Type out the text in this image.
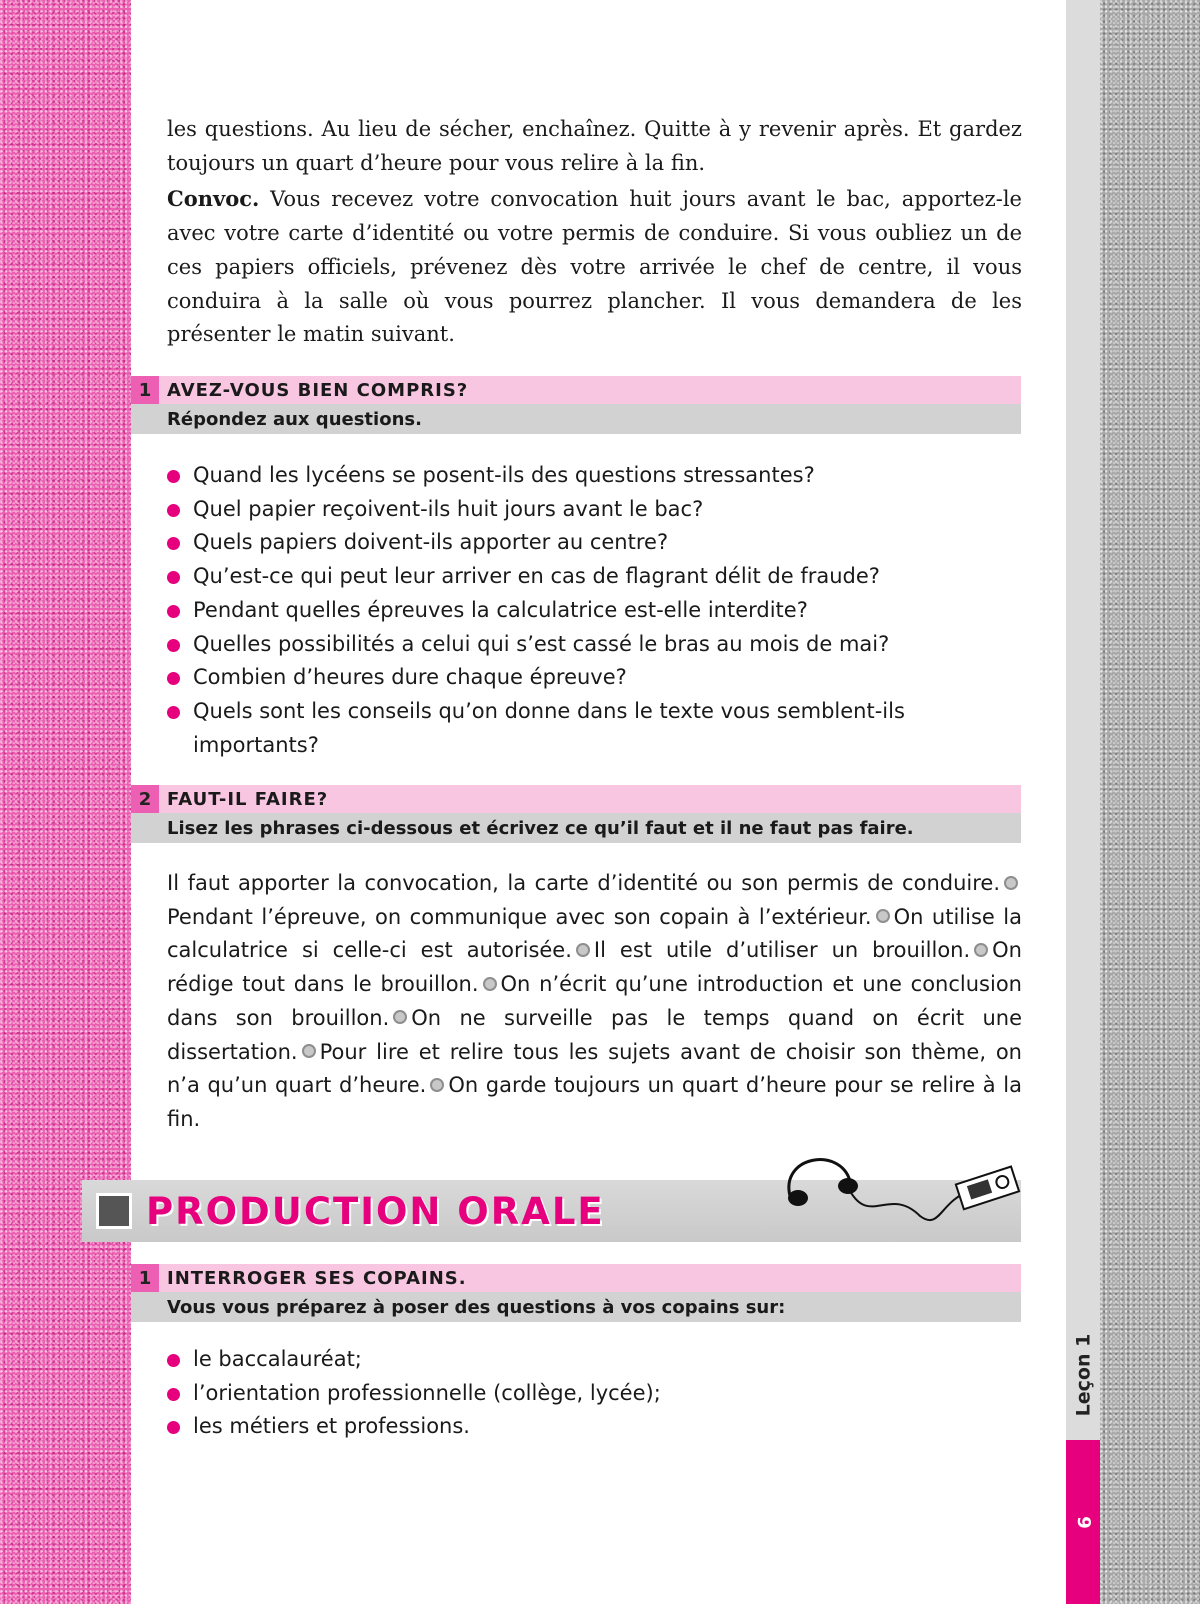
Leçon 1
9

les questions. Au lieu de sécher, enchaînez. Quitte à y revenir après. Et gardez toujours un quart d’heure pour vous relire à la fin.

Convoc. Vous recevez votre convocation huit jours avant le bac, apportez-le avec votre carte d’identité ou votre permis de conduire. Si vous oubliez un de ces papiers officiels, prévenez dès votre arrivée le chef de centre, il vous conduira à la salle où vous pourrez plancher. Il vous demandera de les présenter le matin suivant.

1 AVEZ-VOUS BIEN COMPRIS?
Répondez aux questions.
Quand les lycéens se posent-ils des questions stressantes?
Quel papier reçoivent-ils huit jours avant le bac?
Quels papiers doivent-ils apporter au centre?
Qu’est-ce qui peut leur arriver en cas de flagrant délit de fraude?
Pendant quelles épreuves la calculatrice est-elle interdite?
Quelles possibilités a celui qui s’est cassé le bras au mois de mai?
Combien d’heures dure chaque épreuve?
Quels sont les conseils qu’on donne dans le texte vous semblent-ils importants?
2 FAUT-IL FAIRE?
Lisez les phrases ci-dessous et écrivez ce qu’il faut et il ne faut pas faire.

Il faut apporter la convocation, la carte d’identité ou son permis de conduire.Pendant l’épreuve, on communique avec son copain à l’extérieur. On utilise la calculatrice si celle-ci est autorisée. Il est utile d’utiliser un brouillon. On rédige tout dans le brouillon. On n’écrit qu’une introduction et une conclusion dans son brouillon. On ne surveille pas le temps quand on écrit une dissertation. Pour lire et relire tous les sujets avant de choisir son thème, on n’a qu’un quart d’heure. On garde toujours un quart d’heure pour se relire à la fin.

PRODUCTION ORALE
1 INTERROGER SES COPAINS.
Vous vous préparez à poser des questions à vos copains sur:
le baccalauréat;
l’orientation professionnelle (collège, lycée);
les métiers et professions.
